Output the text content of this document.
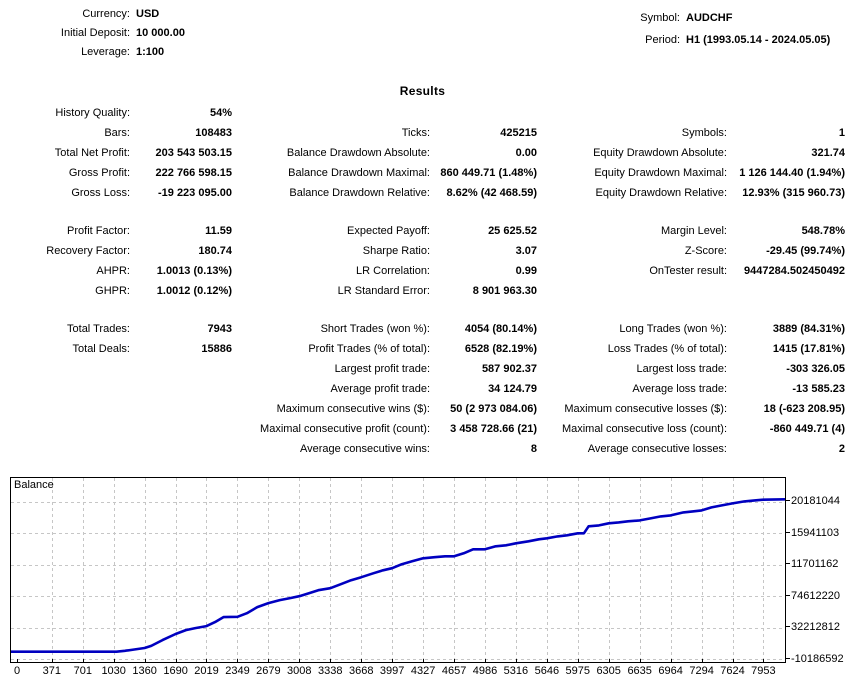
Currency: USD
Initial Deposit: 10 000.00
Leverage: 1:100
Symbol: AUDCHF
Period: H1 (1993.05.14 - 2024.05.05)
Results
History Quality:	54%
Bars:	108483	Ticks:	425215	Symbols:	1
Total Net Profit: 203 543 503.15	Balance Drawdown Absolute:	0.00	Equity Drawdown Absolute:	321.74
Gross Profit: 222 766 598.15	Balance Drawdown Maximal: 860 449.71 (1.48%)	Equity Drawdown Maximal: 1 126 144.40 (1.94%)
Gross Loss:	-19 223 095.00	Balance Drawdown Relative: 8.62% (42 468.59)	Equity Drawdown Relative: 12.93% (315 960.73)
Profit Factor:	11.59	Expected Payoff:	25 625.52	Margin Level:	548.78%
Recovery Factor:	180.74	Sharpe Ratio:	3.07	Z-Score:	-29.45 (99.74%)
AHPR: 1.0013 (0.13%)	LR Correlation:	0.99	OnTester result: 9447284.502450492
GHPR: 1.0012 (0.12%)	LR Standard Error:	8 901 963.30
Total Trades:	7943	Short Trades (won %):	4054 (80.14%)	Long Trades (won %):	3889 (84.31%)
Total Deals:	15886	Profit Trades (% of total):	6528 (82.19%)	Loss Trades (% of total):	1415 (17.81%)
Largest profit trade:	587 902.37	Largest loss trade:	-303 326.05
Average profit trade:	34 124.79	Average loss trade:	-13 585.23
Maximum consecutive wins ($): 50 (2 973 084.06) Maximum consecutive losses ($):	18 (-623 208.95)
Maximal consecutive profit (count): 3 458 728.66 (21) Maximal consecutive loss (count):	-860 449.71 (4)
Average consecutive wins:	8	Average consecutive losses:	2
Balance
0	371	701 1030 1360 1690 2019 2349 2679 3008 3338 3668 3997 4327 4657 4986 5316 5646 5975 6305 6635 6964 7294 7624 7953
20181044
15941103
11701162
74612220
32212812
-10186592
